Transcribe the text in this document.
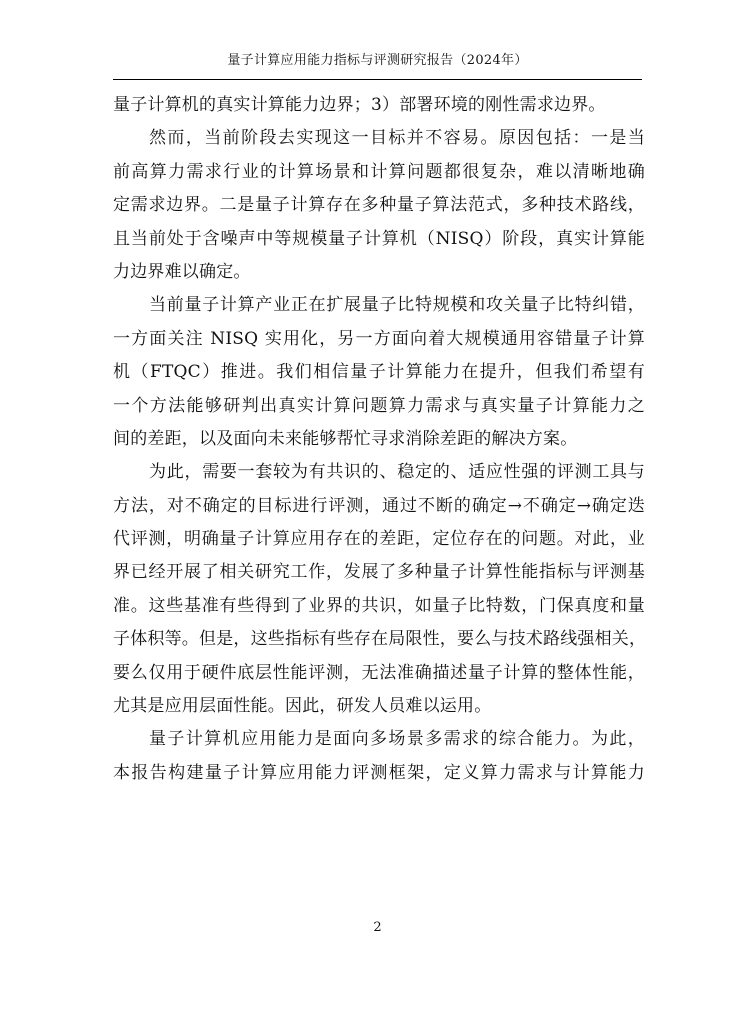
量子计算应用能力指标与评测研究报告（2024年）
量子计算机的真实计算能力边界；3）部署环境的刚性需求边界。
然而，当前阶段去实现这一目标并不容易。原因包括：一是当
前高算力需求行业的计算场景和计算问题都很复杂，难以清晰地确
定需求边界。二是量子计算存在多种量子算法范式，多种技术路线，
且当前处于含噪声中等规模量子计算机（NISQ）阶段，真实计算能
力边界难以确定。
当前量子计算产业正在扩展量子比特规模和攻关量子比特纠错，
一方面关注 NISQ 实用化，另一方面向着大规模通用容错量子计算
机（FTQC）推进。我们相信量子计算能力在提升，但我们希望有
一个方法能够研判出真实计算问题算力需求与真实量子计算能力之
间的差距，以及面向未来能够帮忙寻求消除差距的解决方案。
为此，需要一套较为有共识的、稳定的、适应性强的评测工具与
方法，对不确定的目标进行评测，通过不断的确定→不确定→确定迭
代评测，明确量子计算应用存在的差距，定位存在的问题。对此，业
界已经开展了相关研究工作，发展了多种量子计算性能指标与评测基
准。这些基准有些得到了业界的共识，如量子比特数，门保真度和量
子体积等。但是，这些指标有些存在局限性，要么与技术路线强相关，
要么仅用于硬件底层性能评测，无法准确描述量子计算的整体性能，
尤其是应用层面性能。因此，研发人员难以运用。
量子计算机应用能力是面向多场景多需求的综合能力。为此，
本报告构建量子计算应用能力评测框架，定义算力需求与计算能力
2
